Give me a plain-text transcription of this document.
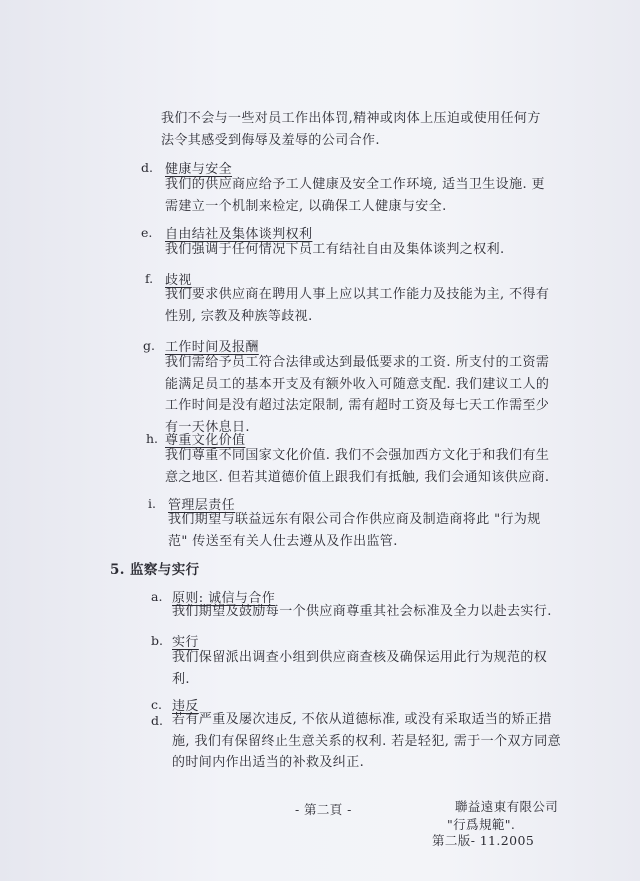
我们不会与一些对员工作出体罚,精神或肉体上压迫或使用任何方
法令其感受到侮辱及羞辱的公司合作.

d. 健康与安全

我们的供应商应给予工人健康及安全工作环境, 适当卫生设施. 更
需建立一个机制来检定, 以确保工人健康与安全.

e. 自由结社及集体谈判权利

我们强调于任何情况下员工有结社自由及集体谈判之权利.

f. 歧视

我们要求供应商在聘用人事上应以其工作能力及技能为主, 不得有
性别, 宗教及种族等歧视.

g. 工作时间及报酬

我们需给予员工符合法律或达到最低要求的工资. 所支付的工资需
能满足员工的基本开支及有额外收入可随意支配. 我们建议工人的
工作时间是没有超过法定限制, 需有超时工资及每七天工作需至少
有一天休息日.

h. 尊重文化价值

我们尊重不同国家文化价值. 我们不会强加西方文化于和我们有生
意之地区. 但若其道德价值上跟我们有抵触, 我们会通知该供应商.

i. 管理层责任

我们期望与联益远东有限公司合作供应商及制造商将此 "行为规
范" 传送至有关人仕去遵从及作出监管.

5. 监察与实行
a. 原则: 诚信与合作

我们期望及鼓励每一个供应商尊重其社会标准及全力以赴去实行.

b. 实行

我们保留派出调查小组到供应商查核及确保运用此行为规范的权
利.

c. 违反
d. 若有严重及屡次违反, 不依从道德标准, 或没有采取适当的矫正措
施, 我们有保留终止生意关系的权利. 若是轻犯, 需于一个双方同意
的时间内作出适当的补救及纠正.

- 第二頁 -	聯益遠東有限公司
"行爲規範".
第二版- 11.2005
